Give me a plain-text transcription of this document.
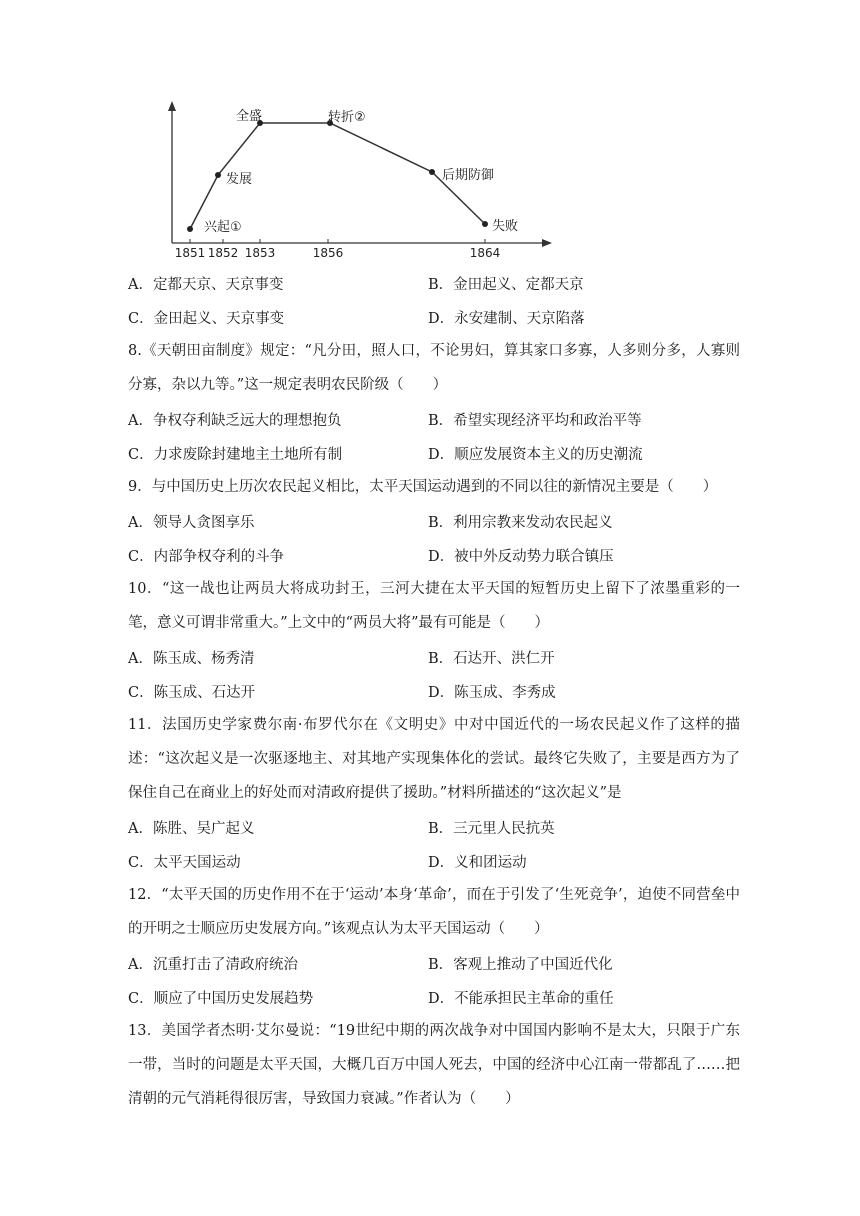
1851 1852 1853	1856	1864
兴起①
发展
全盛	转折②
后期防御
失败
A．定都天京、天京事变	B．金田起义、定都天京
C．金田起义、天京事变	D．永安建制、天京陷落
8.《天朝田亩制度》规定：“凡分田，照人口，不论男妇，算其家口多寡，人多则分多，人寡则分寡，杂以九等。”这一规定表明农民阶级（　　）
A．争权夺利缺乏远大的理想抱负	B．希望实现经济平均和政治平等
C．力求废除封建地主土地所有制	D．顺应发展资本主义的历史潮流
9．与中国历史上历次农民起义相比，太平天国运动遇到的不同以往的新情况主要是（　　）
A．领导人贪图享乐	B．利用宗教来发动农民起义
C．内部争权夺利的斗争	D．被中外反动势力联合镇压
10．“这一战也让两员大将成功封王，三河大捷在太平天国的短暂历史上留下了浓墨重彩的一笔，意义可谓非常重大。”上文中的“两员大将”最有可能是（　　）
A．陈玉成、杨秀清	B．石达开、洪仁开
C．陈玉成、石达开	D．陈玉成、李秀成
11．法国历史学家费尔南·布罗代尔在《文明史》中对中国近代的一场农民起义作了这样的描述：“这次起义是一次驱逐地主、对其地产实现集体化的尝试。最终它失败了，主要是西方为了保住自己在商业上的好处而对清政府提供了援助。”材料所描述的“这次起义”是
A．陈胜、吴广起义	B．三元里人民抗英
C．太平天国运动	D．义和团运动
12．“太平天国的历史作用不在于‘运动’本身‘革命’，而在于引发了‘生死竞争’，迫使不同营垒中的开明之士顺应历史发展方向。”该观点认为太平天国运动（　　）
A．沉重打击了清政府统治	B．客观上推动了中国近代化
C．顺应了中国历史发展趋势	D．不能承担民主革命的重任
13．美国学者杰明·艾尔曼说：“19世纪中期的两次战争对中国国内影响不是太大，只限于广东一带，当时的问题是太平天国，大概几百万中国人死去，中国的经济中心江南一带都乱了……把清朝的元气消耗得很厉害，导致国力衰减。”作者认为（　　）
